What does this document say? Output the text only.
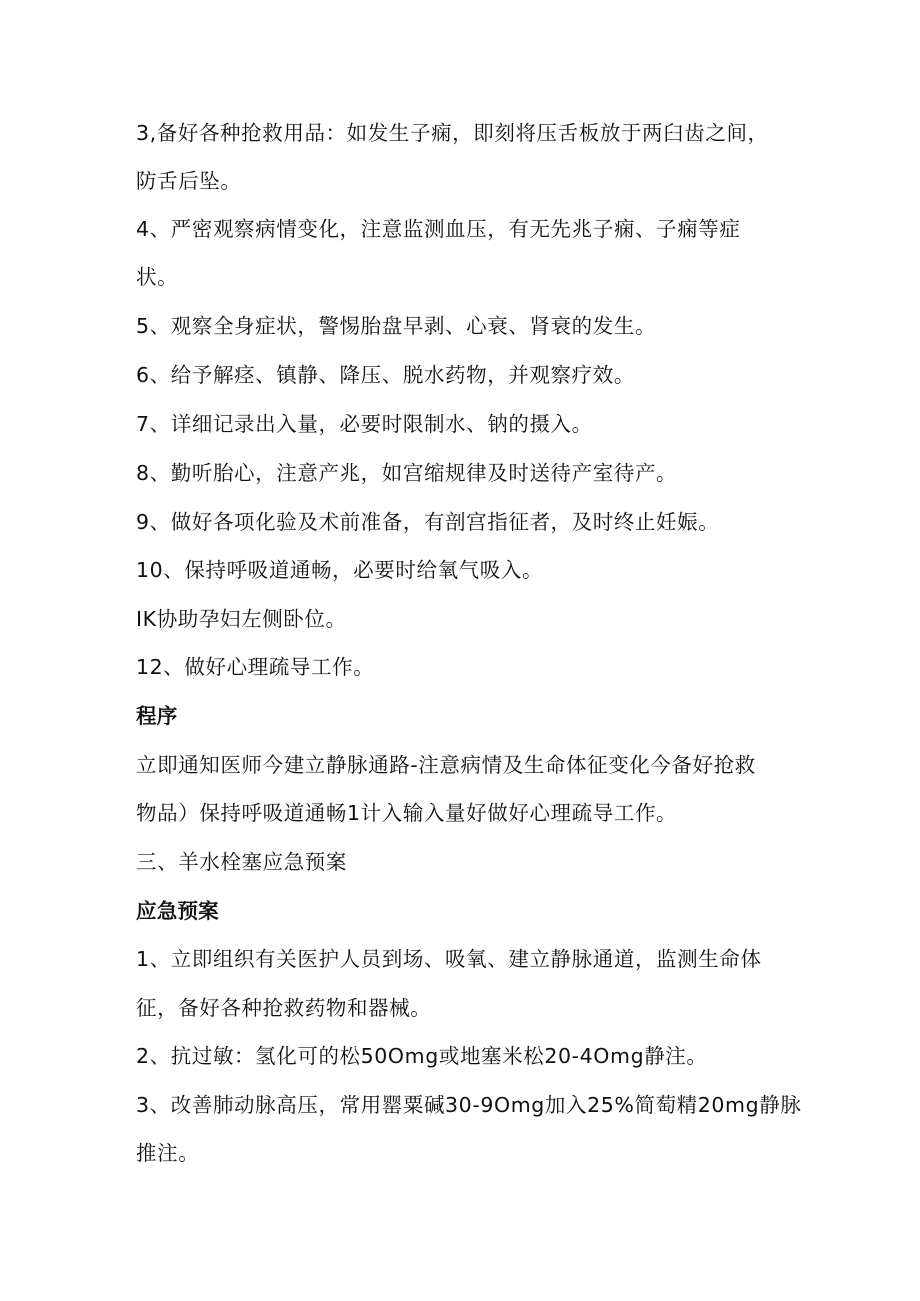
3,备好各种抢救用品：如发生子痫，即刻将压舌板放于两臼齿之间，
防舌后坠。
4、严密观察病情变化，注意监测血压，有无先兆子痫、子痫等症
状。
5、观察全身症状，警惕胎盘早剥、心衰、肾衰的发生。
6、给予解痉、镇静、降压、脱水药物，并观察疗效。
7、详细记录出入量，必要时限制水、钠的摄入。
8、勤听胎心，注意产兆，如宫缩规律及时送待产室待产。
9、做好各项化验及术前准备，有剖宫指征者，及时终止妊娠。
10、保持呼吸道通畅，必要时给氧气吸入。
IK协助孕妇左侧卧位。
12、做好心理疏导工作。
程序
立即通知医师今建立静脉通路-注意病情及生命体征变化今备好抢救
物品）保持呼吸道通畅1计入输入量好做好心理疏导工作。
三、羊水栓塞应急预案
应急预案
1、立即组织有关医护人员到场、吸氧、建立静脉通道，监测生命体
征，备好各种抢救药物和器械。
2、抗过敏：氢化可的松50Omg或地塞米松20-4Omg静注。
3、改善肺动脉高压，常用罂粟碱30-9Omg加入25%简萄精20mg静脉
推注。
